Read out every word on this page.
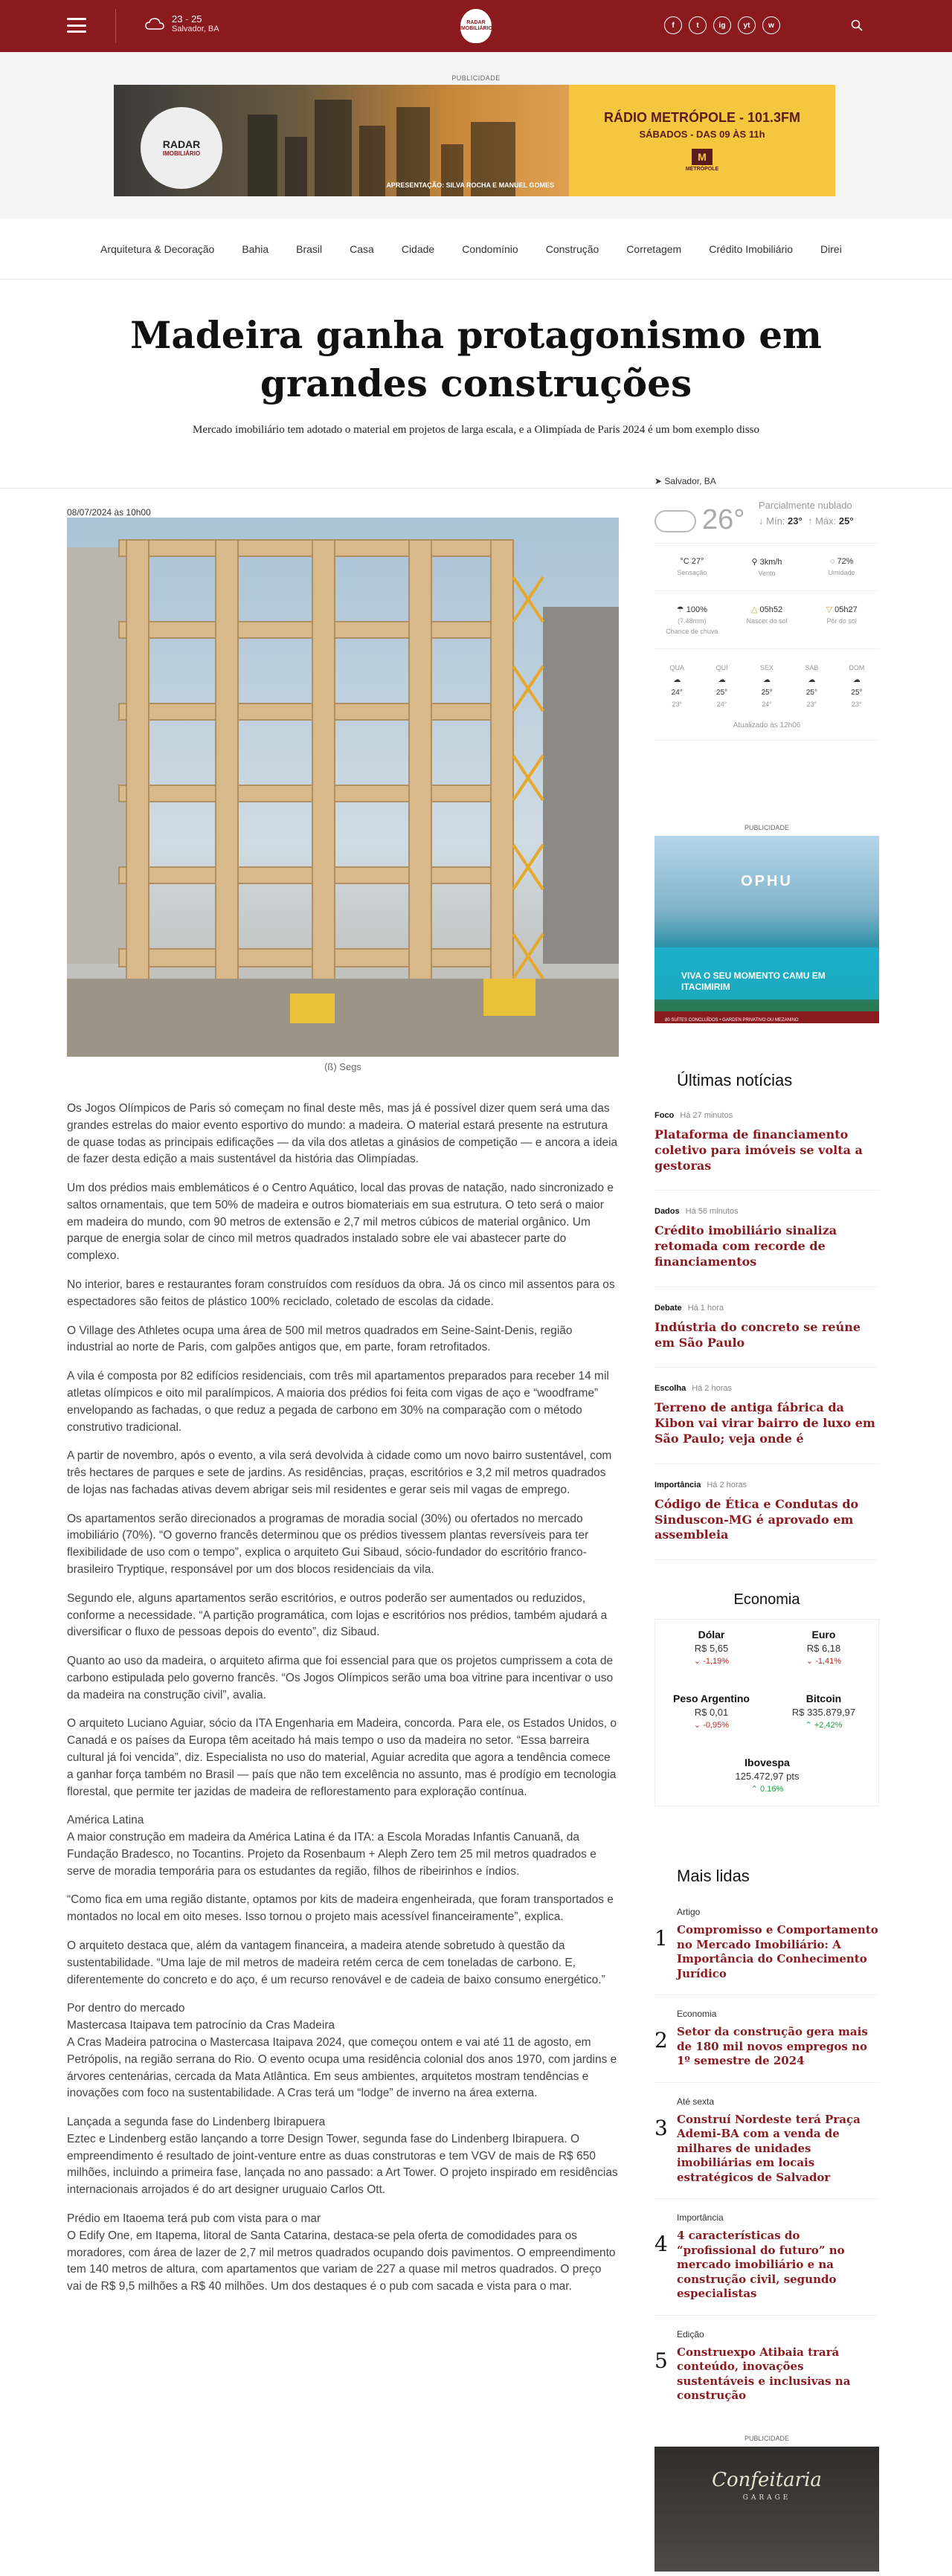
23 - 25
Salvador, BA
RADAR IMOBILIÁRIO	f	t	ig	yt	w
PUBLICIDADE
RADAR
IMOBILIÁRIO
APRESENTAÇÃO: SILVA ROCHA E MANUEL GOMES
RÁDIO METRÓPOLE - 101.3FM
SÁBADOS - DAS 09 ÀS 11h
M
METRÓPOLE
Arquitetura & Decoração	Bahia	Brasil	Casa	Cidade	Condomínio	Construção	Corretagem	Crédito Imobiliário	Direi
Madeira ganha protagonismo em grandes construções

Mercado imobiliário tem adotado o material em projetos de larga escala, e a Olimpíada de Paris 2024 é um bom exemplo disso

08/07/2024 às 10h00
(ß) Segs

Os Jogos Olímpicos de Paris só começam no final deste mês, mas já é possível dizer quem será uma das grandes estrelas do maior evento esportivo do mundo: a madeira. O material estará presente na estrutura de quase todas as principais edificações — da vila dos atletas a ginásios de competição — e ancora a ideia de fazer desta edição a mais sustentável da história das Olimpíadas.

Um dos prédios mais emblemáticos é o Centro Aquático, local das provas de natação, nado sincronizado e saltos ornamentais, que tem 50% de madeira e outros biomateriais em sua estrutura. O teto será o maior em madeira do mundo, com 90 metros de extensão e 2,7 mil metros cúbicos de material orgânico. Um parque de energia solar de cinco mil metros quadrados instalado sobre ele vai abastecer parte do complexo.

No interior, bares e restaurantes foram construídos com resíduos da obra. Já os cinco mil assentos para os espectadores são feitos de plástico 100% reciclado, coletado de escolas da cidade.

O Village des Athletes ocupa uma área de 500 mil metros quadrados em Seine-Saint-Denis, região industrial ao norte de Paris, com galpões antigos que, em parte, foram retrofitados.

A vila é composta por 82 edifícios residenciais, com três mil apartamentos preparados para receber 14 mil atletas olímpicos e oito mil paralímpicos. A maioria dos prédios foi feita com vigas de aço e “woodframe” envelopando as fachadas, o que reduz a pegada de carbono em 30% na comparação com o método construtivo tradicional.

A partir de novembro, após o evento, a vila será devolvida à cidade como um novo bairro sustentável, com três hectares de parques e sete de jardins. As residências, praças, escritórios e 3,2 mil metros quadrados de lojas nas fachadas ativas devem abrigar seis mil residentes e gerar seis mil vagas de emprego.

Os apartamentos serão direcionados a programas de moradia social (30%) ou ofertados no mercado imobiliário (70%). “O governo francês determinou que os prédios tivessem plantas reversíveis para ter flexibilidade de uso com o tempo”, explica o arquiteto Gui Sibaud, sócio-fundador do escritório franco-brasileiro Tryptique, responsável por um dos blocos residenciais da vila.

Segundo ele, alguns apartamentos serão escritórios, e outros poderão ser aumentados ou reduzidos, conforme a necessidade. “A partição programática, com lojas e escritórios nos prédios, também ajudará a diversificar o fluxo de pessoas depois do evento”, diz Sibaud.

Quanto ao uso da madeira, o arquiteto afirma que foi essencial para que os projetos cumprissem a cota de carbono estipulada pelo governo francês. “Os Jogos Olímpicos serão uma boa vitrine para incentivar o uso da madeira na construção civil”, avalia.

O arquiteto Luciano Aguiar, sócio da ITA Engenharia em Madeira, concorda. Para ele, os Estados Unidos, o Canadá e os países da Europa têm aceitado há mais tempo o uso da madeira no setor. “Essa barreira cultural já foi vencida”, diz. Especialista no uso do material, Aguiar acredita que agora a tendência comece a ganhar força também no Brasil — país que não tem excelência no assunto, mas é prodígio em tecnologia florestal, que permite ter jazidas de madeira de reflorestamento para exploração contínua.

América Latina
A maior construção em madeira da América Latina é da ITA: a Escola Moradas Infantis Canuanã, da Fundação Bradesco, no Tocantins. Projeto da Rosenbaum + Aleph Zero tem 25 mil metros quadrados e serve de moradia temporária para os estudantes da região, filhos de ribeirinhos e índios.

“Como fica em uma região distante, optamos por kits de madeira engenheirada, que foram transportados e montados no local em oito meses. Isso tornou o projeto mais acessível financeiramente”, explica.

O arquiteto destaca que, além da vantagem financeira, a madeira atende sobretudo à questão da sustentabilidade. “Uma laje de mil metros de madeira retém cerca de cem toneladas de carbono. E, diferentemente do concreto e do aço, é um recurso renovável e de cadeia de baixo consumo energético.”

Por dentro do mercado
Mastercasa Itaipava tem patrocínio da Cras Madeira
A Cras Madeira patrocina o Mastercasa Itaipava 2024, que começou ontem e vai até 11 de agosto, em Petrópolis, na região serrana do Rio. O evento ocupa uma residência colonial dos anos 1970, com jardins e árvores centenárias, cercada da Mata Atlântica. Em seus ambientes, arquitetos mostram tendências e inovações com foco na sustentabilidade. A Cras terá um “lodge” de inverno na área externa.

Lançada a segunda fase do Lindenberg Ibirapuera
Eztec e Lindenberg estão lançando a torre Design Tower, segunda fase do Lindenberg Ibirapuera. O empreendimento é resultado de joint-venture entre as duas construtoras e tem VGV de mais de R$ 650 milhões, incluindo a primeira fase, lançada no ano passado: a Art Tower. O projeto inspirado em residências internacionais arrojados é do art designer uruguaio Carlos Ott.

Prédio em Itaoema terá pub com vista para o mar
O Edify One, em Itapema, litoral de Santa Catarina, destaca-se pela oferta de comodidades para os moradores, com área de lazer de 2,7 mil metros quadrados ocupando dois pavimentos. O empreendimento tem 140 metros de altura, com apartamentos que variam de 227 a quase mil metros quadrados. O preço vai de R$ 9,5 milhões a R$ 40 milhões. Um dos destaques é o pub com sacada e vista para o mar.

➤ Salvador, BA
26° Parcialmente nublado
↓ Mín: 23°  ↑ Máx: 25°
°C 27°
Sensação
⚲ 3km/h
Vento
◌ 72%
Umidade
☂ 100%
(7.48mm)
Chance de chuva
△ 05h52
Nascer do sol
▽ 05h27
Pôr do sol
QUA
☁
24°
23°
QUI
☁
25°
24°
SEX
☁
25°
24°
SÁB
☁
25°
23°
DOM
☁
25°
23°
Atualizado às 12h06
PUBLICIDADE
OPHU
VIVA O SEU MOMENTO CAMU EM ITACIMIRIM
80 SUÍTES CONCLUÍDOS • GARDEN PRIVATIVO OU MEZANINO
Últimas notícias
Foco Há 27 minutos
Plataforma de financiamento coletivo para imóveis se volta a gestoras
Dados Há 56 minutos
Crédito imobiliário sinaliza retomada com recorde de financiamentos
Debate Há 1 hora
Indústria do concreto se reúne em São Paulo
Escolha Há 2 horas
Terreno de antiga fábrica da Kibon vai virar bairro de luxo em São Paulo; veja onde é
Importância Há 2 horas
Código de Ética e Condutas do Sinduscon-MG é aprovado em assembleia
Economia
Dólar
R$ 5,65
⌄ -1,19%
Euro
R$ 6,18
⌄ -1,41%
Peso Argentino
R$ 0,01
⌄ -0,95%
Bitcoin
R$ 335.879,97
⌃ +2,42%
Ibovespa
125.472,97 pts
⌃ 0.16%
Mais lidas
1
Artigo
Compromisso e Comportamento no Mercado Imobiliário: A Importância do Conhecimento Jurídico
2
Economia
Setor da construção gera mais de 180 mil novos empregos no 1º semestre de 2024
3
Até sexta
Construí Nordeste terá Praça Ademi-BA com a venda de milhares de unidades imobiliárias em locais estratégicos de Salvador
4
Importância
4 características do “profissional do futuro” no mercado imobiliário e na construção civil, segundo especialistas
5
Edição
Construexpo Atibaia trará conteúdo, inovações sustentáveis e inclusivas na construção
PUBLICIDADE
Confeitaria
GARAGE
